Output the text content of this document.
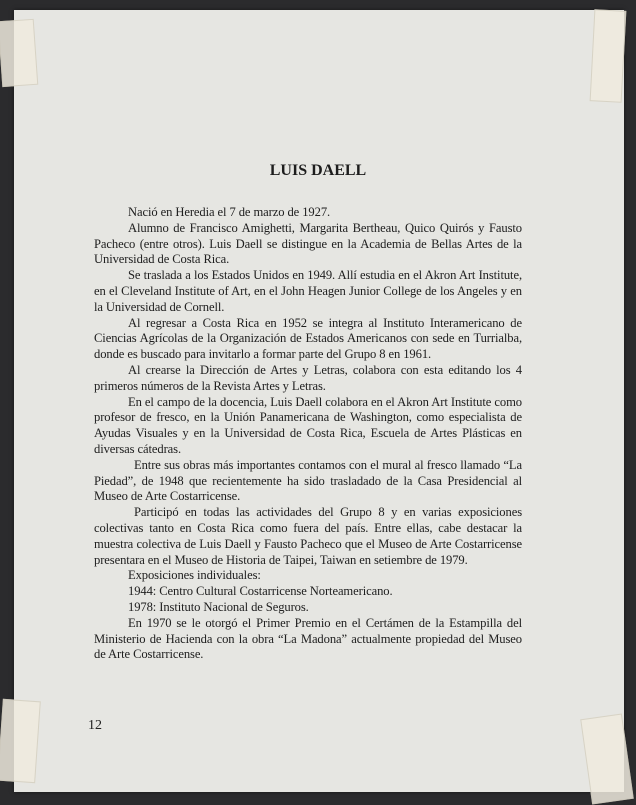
LUIS DAELL

Nació en Heredia el 7 de marzo de 1927.

Alumno de Francisco Amighetti, Margarita Bertheau, Quico Quirós y Fausto Pacheco (entre otros). Luis Daell se distingue en la Academia de Bellas Artes de la Universidad de Costa Rica.

Se traslada a los Estados Unidos en 1949. Allí estudia en el Akron Art Institute, en el Cleveland Institute of Art, en el John Heagen Junior College de los Angeles y en la Universidad de Cornell.

Al regresar a Costa Rica en 1952 se integra al Instituto Interamericano de Ciencias Agrícolas de la Organización de Estados Americanos con sede en Turrialba, donde es buscado para invitarlo a formar parte del Grupo 8 en 1961.

Al crearse la Dirección de Artes y Letras, colabora con esta editando los 4 primeros números de la Revista Artes y Letras.

En el campo de la docencia, Luis Daell colabora en el Akron Art Institute como profesor de fresco, en la Unión Panamericana de Washington, como especialista de Ayudas Visuales y en la Universidad de Costa Rica, Escuela de Artes Plásticas en diversas cátedras.

Entre sus obras más importantes contamos con el mural al fresco llamado “La Piedad”, de 1948 que recientemente ha sido trasladado de la Casa Presidencial al Museo de Arte Costarricense.

Participó en todas las actividades del Grupo 8 y en varias exposiciones colectivas tanto en Costa Rica como fuera del país. Entre ellas, cabe destacar la muestra colectiva de Luis Daell y Fausto Pacheco que el Museo de Arte Costarricense presentara en el Museo de Historia de Taipei, Taiwan en setiembre de 1979.

Exposiciones individuales:

1944: Centro Cultural Costarricense Norteamericano.

1978: Instituto Nacional de Seguros.

En 1970 se le otorgó el Primer Premio en el Certámen de la Estampilla del Ministerio de Hacienda con la obra “La Madona” actualmente propiedad del Museo de Arte Costarricense.

12
